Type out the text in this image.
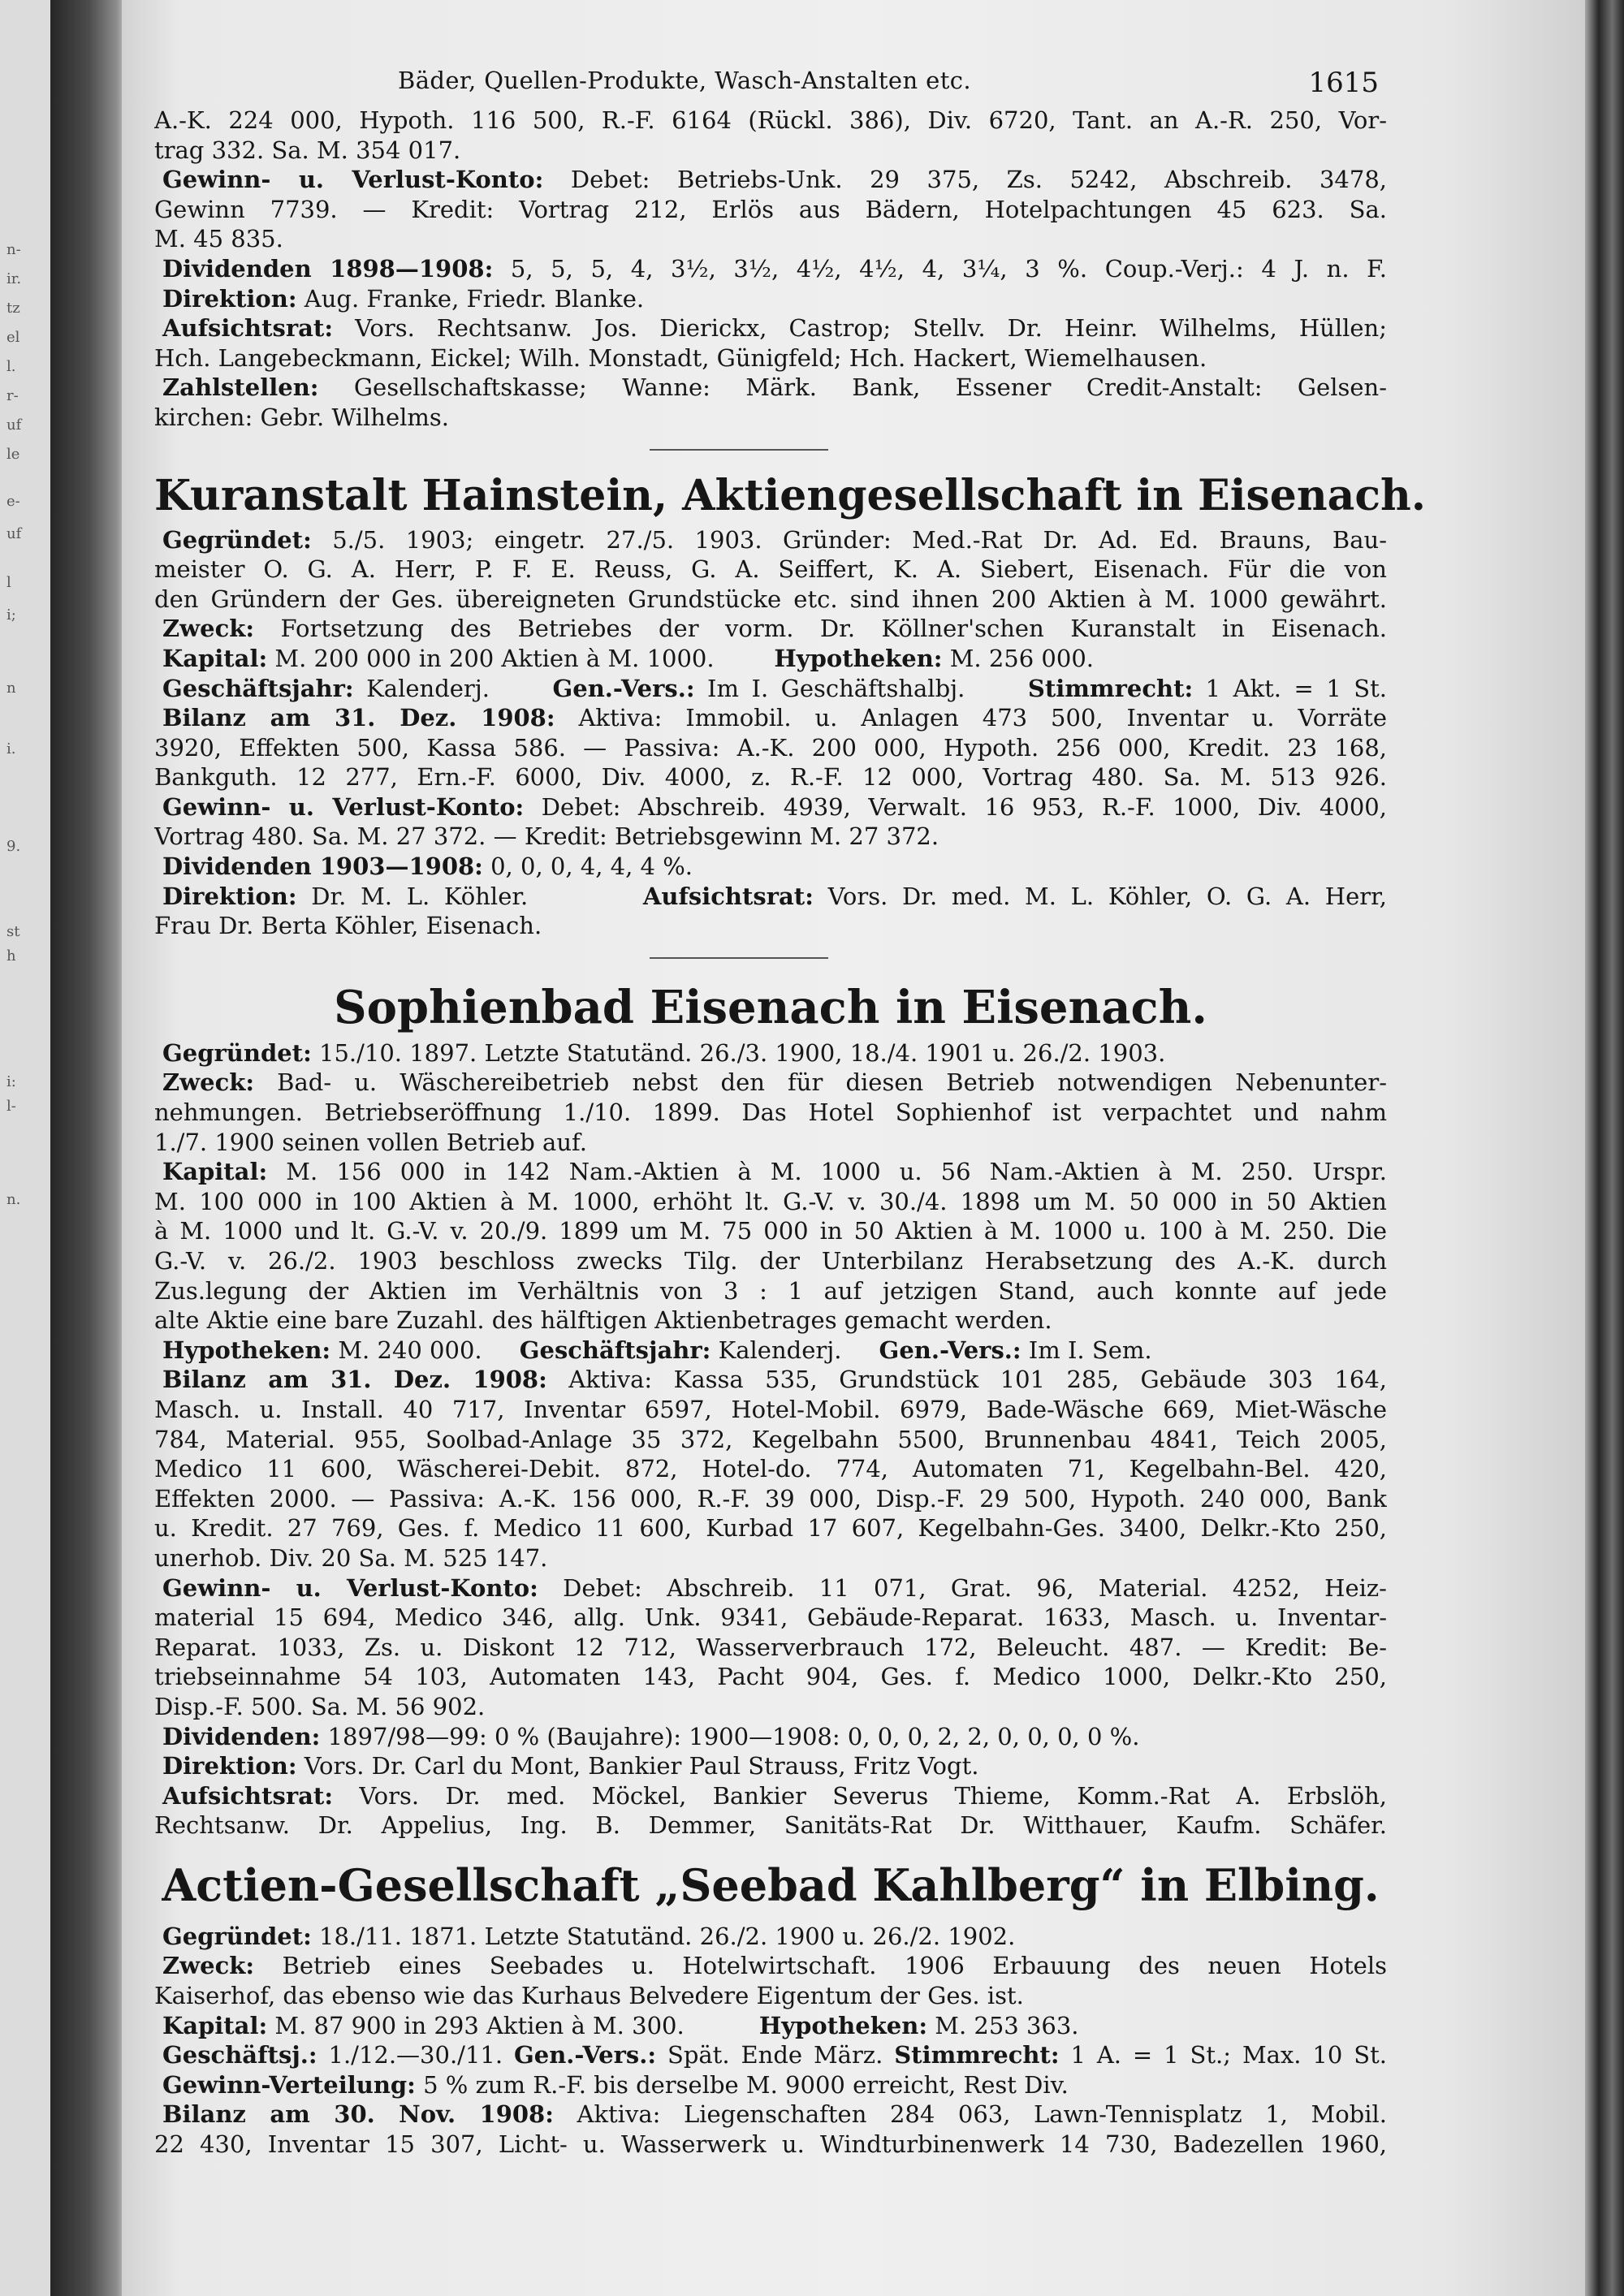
n-
ir.
tz
el
l.
r-
uf
le
e-
uf
l
i;
n
i.
9.
st
h
i:
l-
n.
Bäder, Quellen-Produkte, Wasch-Anstalten etc.	1615
A.-K. 224 000, Hypoth. 116 500, R.-F. 6164 (Rückl. 386), Div. 6720, Tant. an A.-R. 250, Vor-
trag 332. Sa. M. 354 017.
Gewinn- u. Verlust-Konto: Debet: Betriebs-Unk. 29 375, Zs. 5242, Abschreib. 3478,
Gewinn 7739. — Kredit: Vortrag 212, Erlös aus Bädern, Hotelpachtungen 45 623. Sa.
M. 45 835.
Dividenden 1898—1908: 5, 5, 5, 4, 3½, 3½, 4½, 4½, 4, 3¼, 3 %. Coup.-Verj.: 4 J. n. F.
Direktion: Aug. Franke, Friedr. Blanke.
Aufsichtsrat: Vors. Rechtsanw. Jos. Dierickx, Castrop; Stellv. Dr. Heinr. Wilhelms, Hüllen;
Hch. Langebeckmann, Eickel; Wilh. Monstadt, Günigfeld; Hch. Hackert, Wiemelhausen.
Zahlstellen: Gesellschaftskasse; Wanne: Märk. Bank, Essener Credit-Anstalt: Gelsen-
kirchen: Gebr. Wilhelms.
Kuranstalt Hainstein, Aktiengesellschaft in Eisenach.
Gegründet: 5./5. 1903; eingetr. 27./5. 1903. Gründer: Med.-Rat Dr. Ad. Ed. Brauns, Bau-
meister O. G. A. Herr, P. F. E. Reuss, G. A. Seiffert, K. A. Siebert, Eisenach. Für die von
den Gründern der Ges. übereigneten Grundstücke etc. sind ihnen 200 Aktien à M. 1000 gewährt.
Zweck: Fortsetzung des Betriebes der vorm. Dr. Köllner'schen Kuranstalt in Eisenach.
Kapital: M. 200 000 in 200 Aktien à M. 1000.	Hypotheken: M. 256 000.
Geschäftsjahr: Kalenderj.	Gen.-Vers.: Im I. Geschäftshalbj.	Stimmrecht: 1 Akt. = 1 St.
Bilanz am 31. Dez. 1908: Aktiva: Immobil. u. Anlagen 473 500, Inventar u. Vorräte
3920, Effekten 500, Kassa 586. — Passiva: A.-K. 200 000, Hypoth. 256 000, Kredit. 23 168,
Bankguth. 12 277, Ern.-F. 6000, Div. 4000, z. R.-F. 12 000, Vortrag 480. Sa. M. 513 926.
Gewinn- u. Verlust-Konto: Debet: Abschreib. 4939, Verwalt. 16 953, R.-F. 1000, Div. 4000,
Vortrag 480. Sa. M. 27 372. — Kredit: Betriebsgewinn M. 27 372.
Dividenden 1903—1908: 0, 0, 0, 4, 4, 4 %.
Direktion: Dr. M. L. Köhler.	Aufsichtsrat: Vors. Dr. med. M. L. Köhler, O. G. A. Herr,
Frau Dr. Berta Köhler, Eisenach.
Sophienbad Eisenach in Eisenach.
Gegründet: 15./10. 1897. Letzte Statutänd. 26./3. 1900, 18./4. 1901 u. 26./2. 1903.
Zweck: Bad- u. Wäschereibetrieb nebst den für diesen Betrieb notwendigen Nebenunter-
nehmungen. Betriebseröffnung 1./10. 1899. Das Hotel Sophienhof ist verpachtet und nahm
1./7. 1900 seinen vollen Betrieb auf.
Kapital: M. 156 000 in 142 Nam.-Aktien à M. 1000 u. 56 Nam.-Aktien à M. 250. Urspr.
M. 100 000 in 100 Aktien à M. 1000, erhöht lt. G.-V. v. 30./4. 1898 um M. 50 000 in 50 Aktien
à M. 1000 und lt. G.-V. v. 20./9. 1899 um M. 75 000 in 50 Aktien à M. 1000 u. 100 à M. 250. Die
G.-V. v. 26./2. 1903 beschloss zwecks Tilg. der Unterbilanz Herabsetzung des A.-K. durch
Zus.legung der Aktien im Verhältnis von 3 : 1 auf jetzigen Stand, auch konnte auf jede
alte Aktie eine bare Zuzahl. des hälftigen Aktienbetrages gemacht werden.
Hypotheken: M. 240 000. Geschäftsjahr: Kalenderj. Gen.-Vers.: Im I. Sem.
Bilanz am 31. Dez. 1908: Aktiva: Kassa 535, Grundstück 101 285, Gebäude 303 164,
Masch. u. Install. 40 717, Inventar 6597, Hotel-Mobil. 6979, Bade-Wäsche 669, Miet-Wäsche
784, Material. 955, Soolbad-Anlage 35 372, Kegelbahn 5500, Brunnenbau 4841, Teich 2005,
Medico 11 600, Wäscherei-Debit. 872, Hotel-do. 774, Automaten 71, Kegelbahn-Bel. 420,
Effekten 2000. — Passiva: A.-K. 156 000, R.-F. 39 000, Disp.-F. 29 500, Hypoth. 240 000, Bank
u. Kredit. 27 769, Ges. f. Medico 11 600, Kurbad 17 607, Kegelbahn-Ges. 3400, Delkr.-Kto 250,
unerhob. Div. 20 Sa. M. 525 147.
Gewinn- u. Verlust-Konto: Debet: Abschreib. 11 071, Grat. 96, Material. 4252, Heiz-
material 15 694, Medico 346, allg. Unk. 9341, Gebäude-Reparat. 1633, Masch. u. Inventar-
Reparat. 1033, Zs. u. Diskont 12 712, Wasserverbrauch 172, Beleucht. 487. — Kredit: Be-
triebseinnahme 54 103, Automaten 143, Pacht 904, Ges. f. Medico 1000, Delkr.-Kto 250,
Disp.-F. 500. Sa. M. 56 902.
Dividenden: 1897/98—99: 0 % (Baujahre): 1900—1908: 0, 0, 0, 2, 2, 0, 0, 0, 0 %.
Direktion: Vors. Dr. Carl du Mont, Bankier Paul Strauss, Fritz Vogt.
Aufsichtsrat: Vors. Dr. med. Möckel, Bankier Severus Thieme, Komm.-Rat A. Erbslöh,
Rechtsanw. Dr. Appelius, Ing. B. Demmer, Sanitäts-Rat Dr. Witthauer, Kaufm. Schäfer.
Actien-Gesellschaft „Seebad Kahlberg“ in Elbing.
Gegründet: 18./11. 1871. Letzte Statutänd. 26./2. 1900 u. 26./2. 1902.
Zweck: Betrieb eines Seebades u. Hotelwirtschaft. 1906 Erbauung des neuen Hotels
Kaiserhof, das ebenso wie das Kurhaus Belvedere Eigentum der Ges. ist.
Kapital: M. 87 900 in 293 Aktien à M. 300.	Hypotheken: M. 253 363.
Geschäftsj.: 1./12.—30./11. Gen.-Vers.: Spät. Ende März. Stimmrecht: 1 A. = 1 St.; Max. 10 St.
Gewinn-Verteilung: 5 % zum R.-F. bis derselbe M. 9000 erreicht, Rest Div.
Bilanz am 30. Nov. 1908: Aktiva: Liegenschaften 284 063, Lawn-Tennisplatz 1, Mobil.
22 430, Inventar 15 307, Licht- u. Wasserwerk u. Windturbinenwerk 14 730, Badezellen 1960,
